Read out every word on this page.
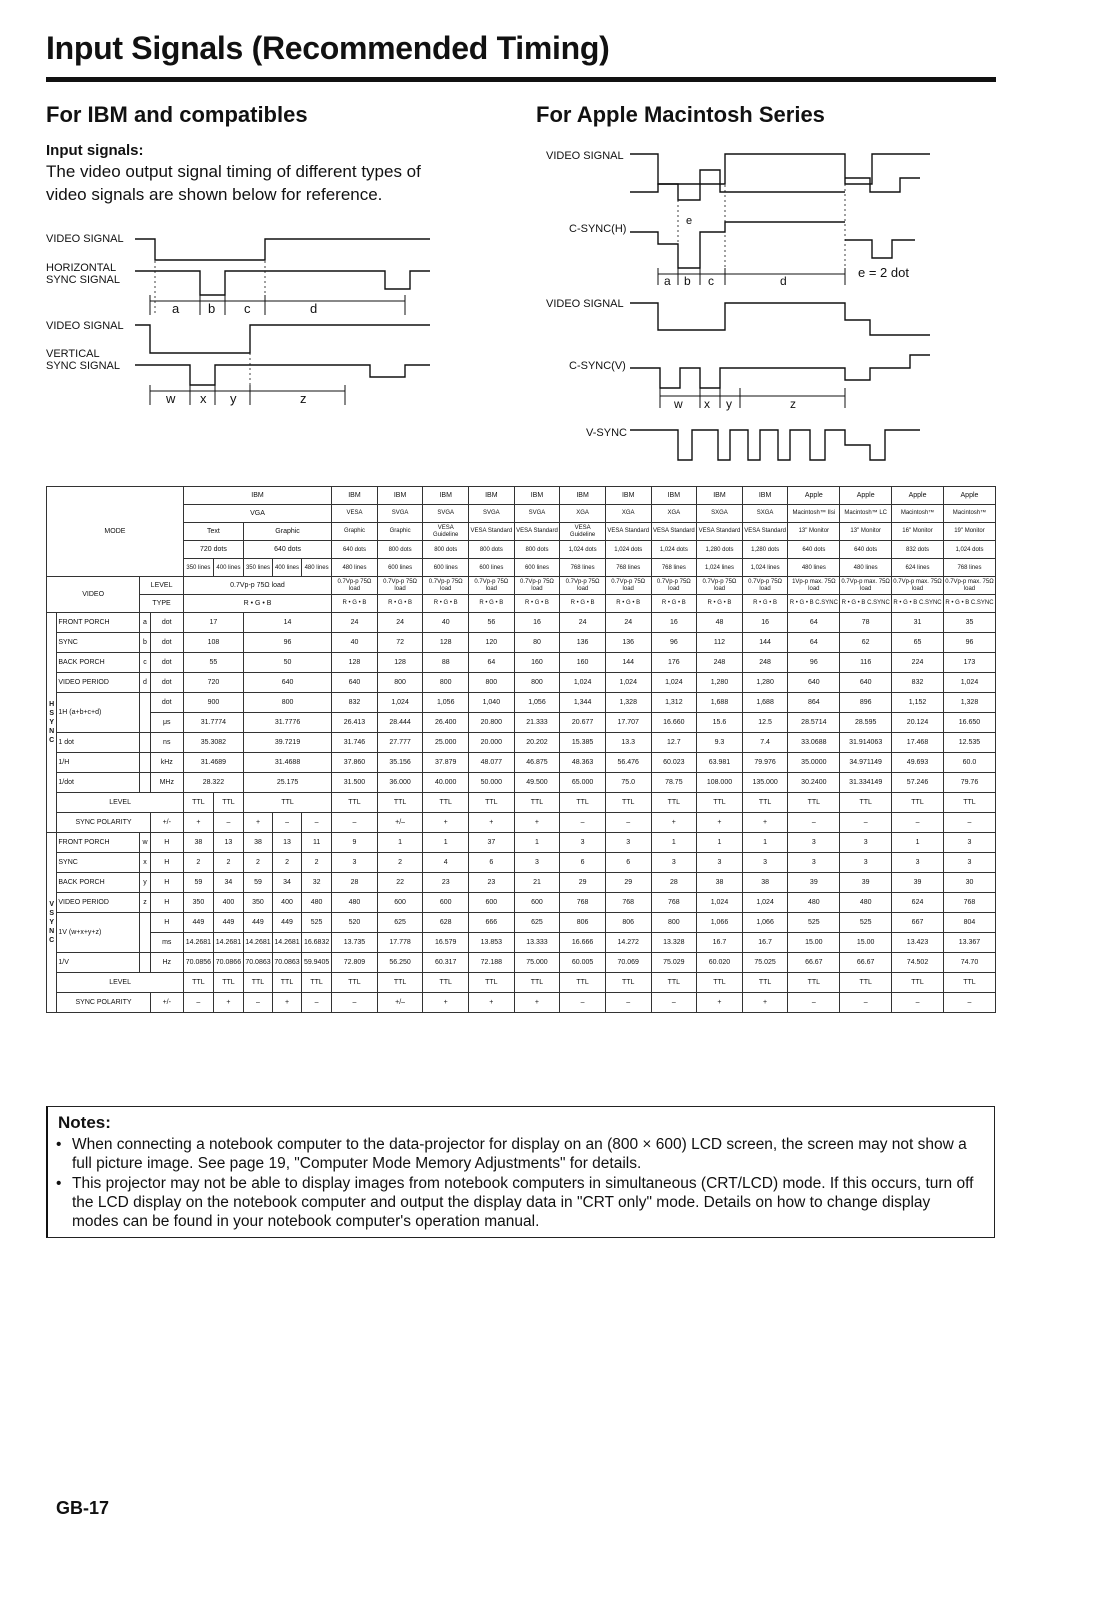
Input Signals (Recommended Timing)
For IBM and compatibles
Input signals:
The video output signal timing of different types of video signals are shown below for reference.
For Apple Macintosh Series
VIDEO SIGNAL
HORIZONTAL
SYNC SIGNAL
VIDEO SIGNAL
VERTICAL
SYNC SIGNAL
a b c	d
w x y	z
VIDEO SIGNAL
C-SYNC(H)
VIDEO SIGNAL
C-SYNC(V)
V-SYNC
e = 2 dot
e
a b c	d
w x y	z
MODE				IBM					IBM	IBM	IBM	IBM	IBM	IBM	IBM	IBM	IBM	IBM	Apple	Apple	Apple	Apple
				VGA					VESA	SVGA	SVGA	SVGA	SVGA	XGA	XGA	XGA	SXGA	SXGA	Macintosh™ IIsi	Macintosh™ LC	Macintosh™	Macintosh™
				Text		Graphic			Graphic	Graphic	VESA Guideline	VESA Standard	VESA Standard	VESA Guideline	VESA Standard	VESA Standard	VESA Standard	VESA Standard	13" Monitor	13" Monitor	16" Monitor	19" Monitor
				720 dots		640 dots			640 dots	800 dots	800 dots	800 dots	800 dots	1,024 dots	1,024 dots	1,024 dots	1,280 dots	1,280 dots	640 dots	640 dots	832 dots	1,024 dots
				350 lines	400 lines	350 lines	400 lines	480 lines	480 lines	600 lines	600 lines	600 lines	600 lines	768 lines	768 lines	768 lines	1,024 lines	1,024 lines	480 lines	480 lines	624 lines	768 lines
VIDEO		LEVEL		0.7Vp-p 75Ω load					0.7Vp-p 75Ω load	0.7Vp-p 75Ω load	0.7Vp-p 75Ω load	0.7Vp-p 75Ω load	0.7Vp-p 75Ω load	0.7Vp-p 75Ω load	0.7Vp-p 75Ω load	0.7Vp-p 75Ω load	0.7Vp-p 75Ω load	0.7Vp-p 75Ω load	1Vp-p max. 75Ω load	0.7Vp-p max. 75Ω load	0.7Vp-p max. 75Ω load	0.7Vp-p max. 75Ω load
		TYPE		R • G • B					R • G • B	R • G • B	R • G • B	R • G • B	R • G • B	R • G • B	R • G • B	R • G • B	R • G • B	R • G • B	R • G • B C.SYNC	R • G • B C.SYNC	R • G • B C.SYNC	R • G • B C.SYNC
H
S
Y
N
C	FRONT PORCH	a	dot	17		14			24	24	40	56	16	24	24	16	48	16	64	78	31	35
	SYNC	b	dot	108		96			40	72	128	120	80	136	136	96	112	144	64	62	65	96
	BACK PORCH	c	dot	55		50			128	128	88	64	160	160	144	176	248	248	96	116	224	173
	VIDEO PERIOD	d	dot	720		640			640	800	800	800	800	1,024	1,024	1,024	1,280	1,280	640	640	832	1,024
	1H (a+b+c+d)		dot	900		800			832	1,024	1,056	1,040	1,056	1,344	1,328	1,312	1,688	1,688	864	896	1,152	1,328
			μs	31.7774		31.7776			26.413	28.444	26.400	20.800	21.333	20.677	17.707	16.660	15.6	12.5	28.5714	28.595	20.124	16.650
	1 dot		ns	35.3082		39.7219			31.746	27.777	25.000	20.000	20.202	15.385	13.3	12.7	9.3	7.4	33.0688	31.914063	17.468	12.535
	1/H		kHz	31.4689		31.4688			37.860	35.156	37.879	48.077	46.875	48.363	56.476	60.023	63.981	79.976	35.0000	34.971149	49.693	60.0
	1/dot		MHz	28.322		25.175			31.500	36.000	40.000	50.000	49.500	65.000	75.0	78.75	108.000	135.000	30.2400	31.334149	57.246	79.76
	LEVEL			TTL	TTL	TTL			TTL	TTL	TTL	TTL	TTL	TTL	TTL	TTL	TTL	TTL	TTL	TTL	TTL	TTL
	SYNC POLARITY		+/-	+	–	+	–	–	–	+/–	+	+	+	–	–	+	+	+	–	–	–	–
V
S
Y
N
C	FRONT PORCH	w	H	38	13	38	13	11	9	1	1	37	1	3	3	1	1	1	3	3	1	3
	SYNC	x	H	2	2	2	2	2	3	2	4	6	3	6	6	3	3	3	3	3	3	3
	BACK PORCH	y	H	59	34	59	34	32	28	22	23	23	21	29	29	28	38	38	39	39	39	30
	VIDEO PERIOD	z	H	350	400	350	400	480	480	600	600	600	600	768	768	768	1,024	1,024	480	480	624	768
	1V (w+x+y+z)		H	449	449	449	449	525	520	625	628	666	625	806	806	800	1,066	1,066	525	525	667	804
			ms	14.2681	14.2681	14.2681	14.2681	16.6832	13.735	17.778	16.579	13.853	13.333	16.666	14.272	13.328	16.7	16.7	15.00	15.00	13.423	13.367
	1/V		Hz	70.0856	70.0866	70.0863	70.0863	59.9405	72.809	56.250	60.317	72.188	75.000	60.005	70.069	75.029	60.020	75.025	66.67	66.67	74.502	74.70
	LEVEL			TTL	TTL	TTL	TTL	TTL	TTL	TTL	TTL	TTL	TTL	TTL	TTL	TTL	TTL	TTL	TTL	TTL	TTL	TTL
	SYNC POLARITY		+/-	–	+	–	+	–	–	+/–	+	+	+	–	–	–	+	+	–	–	–	–
Notes:
• When connecting a notebook computer to the data-projector for display on an (800 × 600) LCD screen, the screen may not show a full picture image. See page 19, "Computer Mode Memory Adjustments" for details.
• This projector may not be able to display images from notebook computers in simultaneous (CRT/LCD) mode. If this occurs, turn off the LCD display on the notebook computer and output the display data in "CRT only" mode. Details on how to change display modes can be found in your notebook computer's operation manual.
GB-17
